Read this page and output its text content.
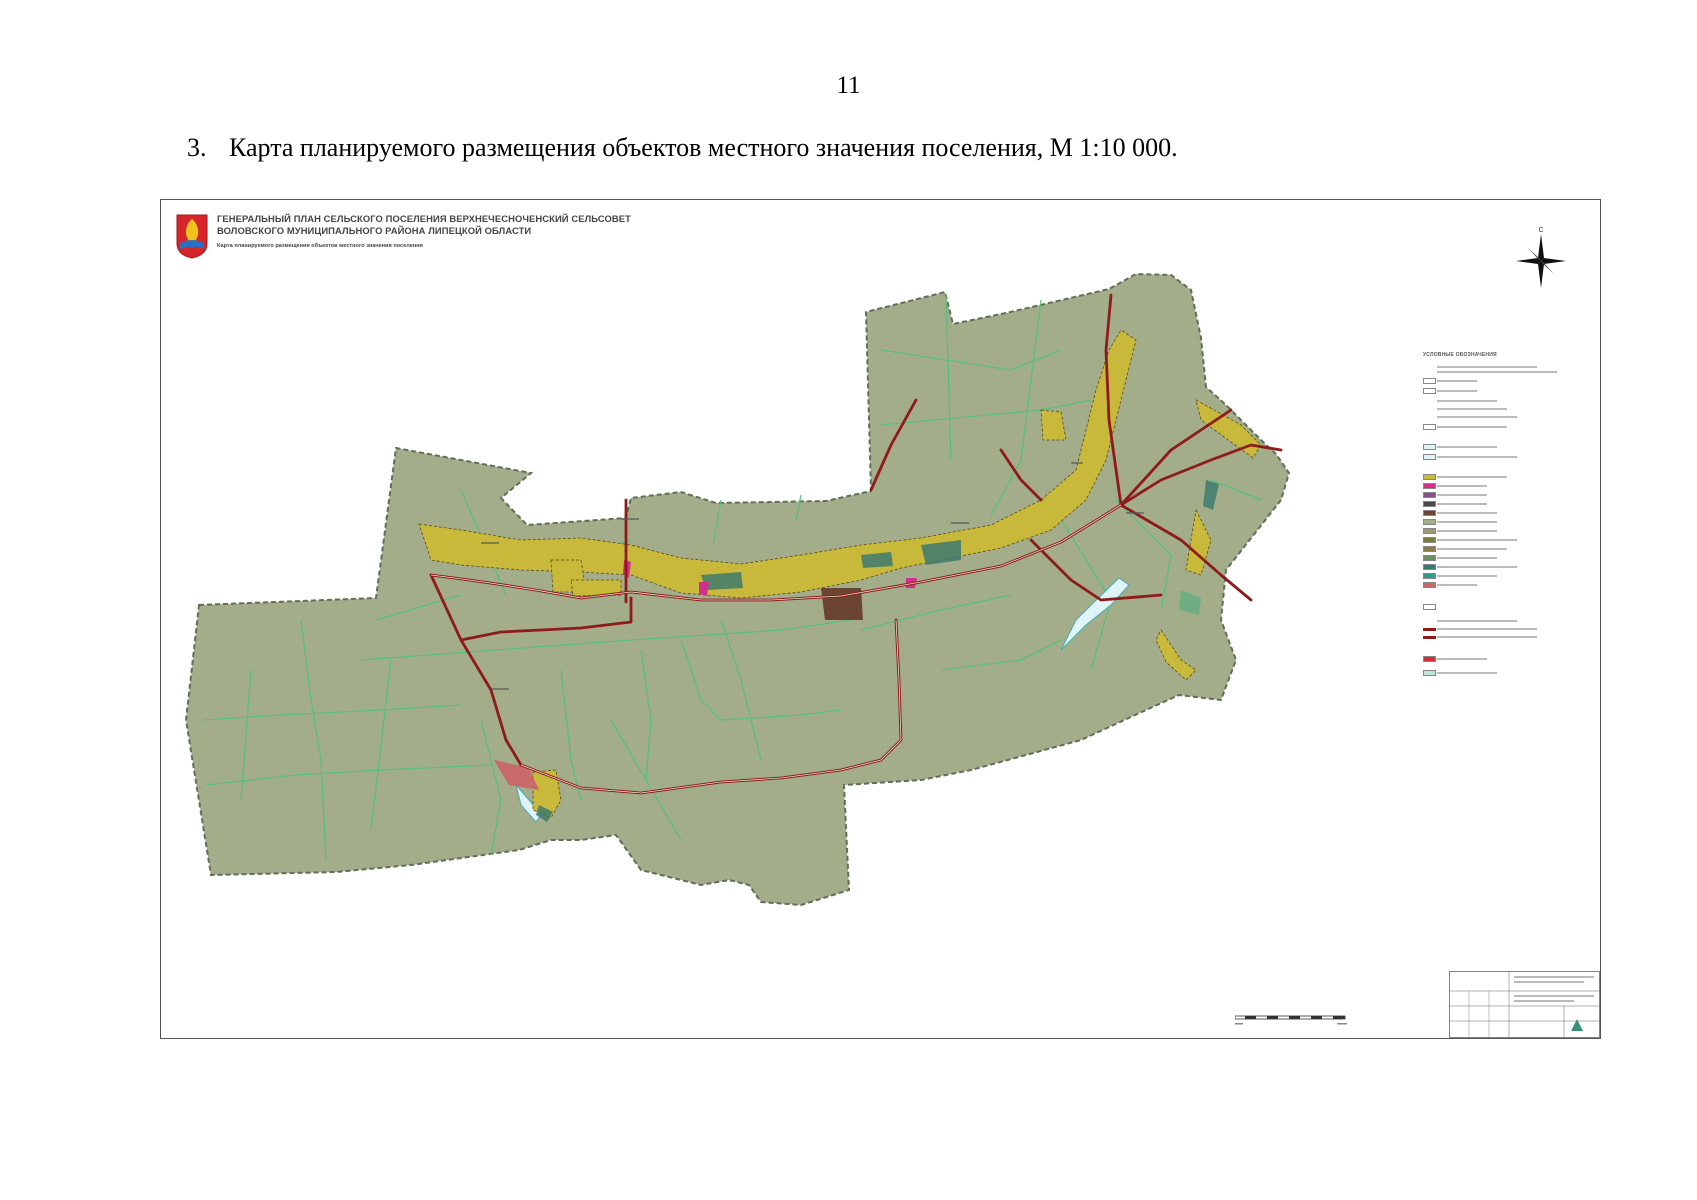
11
3. Карта планируемого размещения объектов местного значения поселения, М 1:10 000.
ГЕНЕРАЛЬНЫЙ ПЛАН СЕЛЬСКОГО ПОСЕЛЕНИЯ ВЕРХНЕЧЕСНОЧЕНСКИЙ СЕЛЬСОВЕТ
ВОЛОВСКОГО МУНИЦИПАЛЬНОГО РАЙОНА ЛИПЕЦКОЙ ОБЛАСТИ
Карта планируемого размещения объектов местного значения поселения
С
УСЛОВНЫЕ ОБОЗНАЧЕНИЯ
